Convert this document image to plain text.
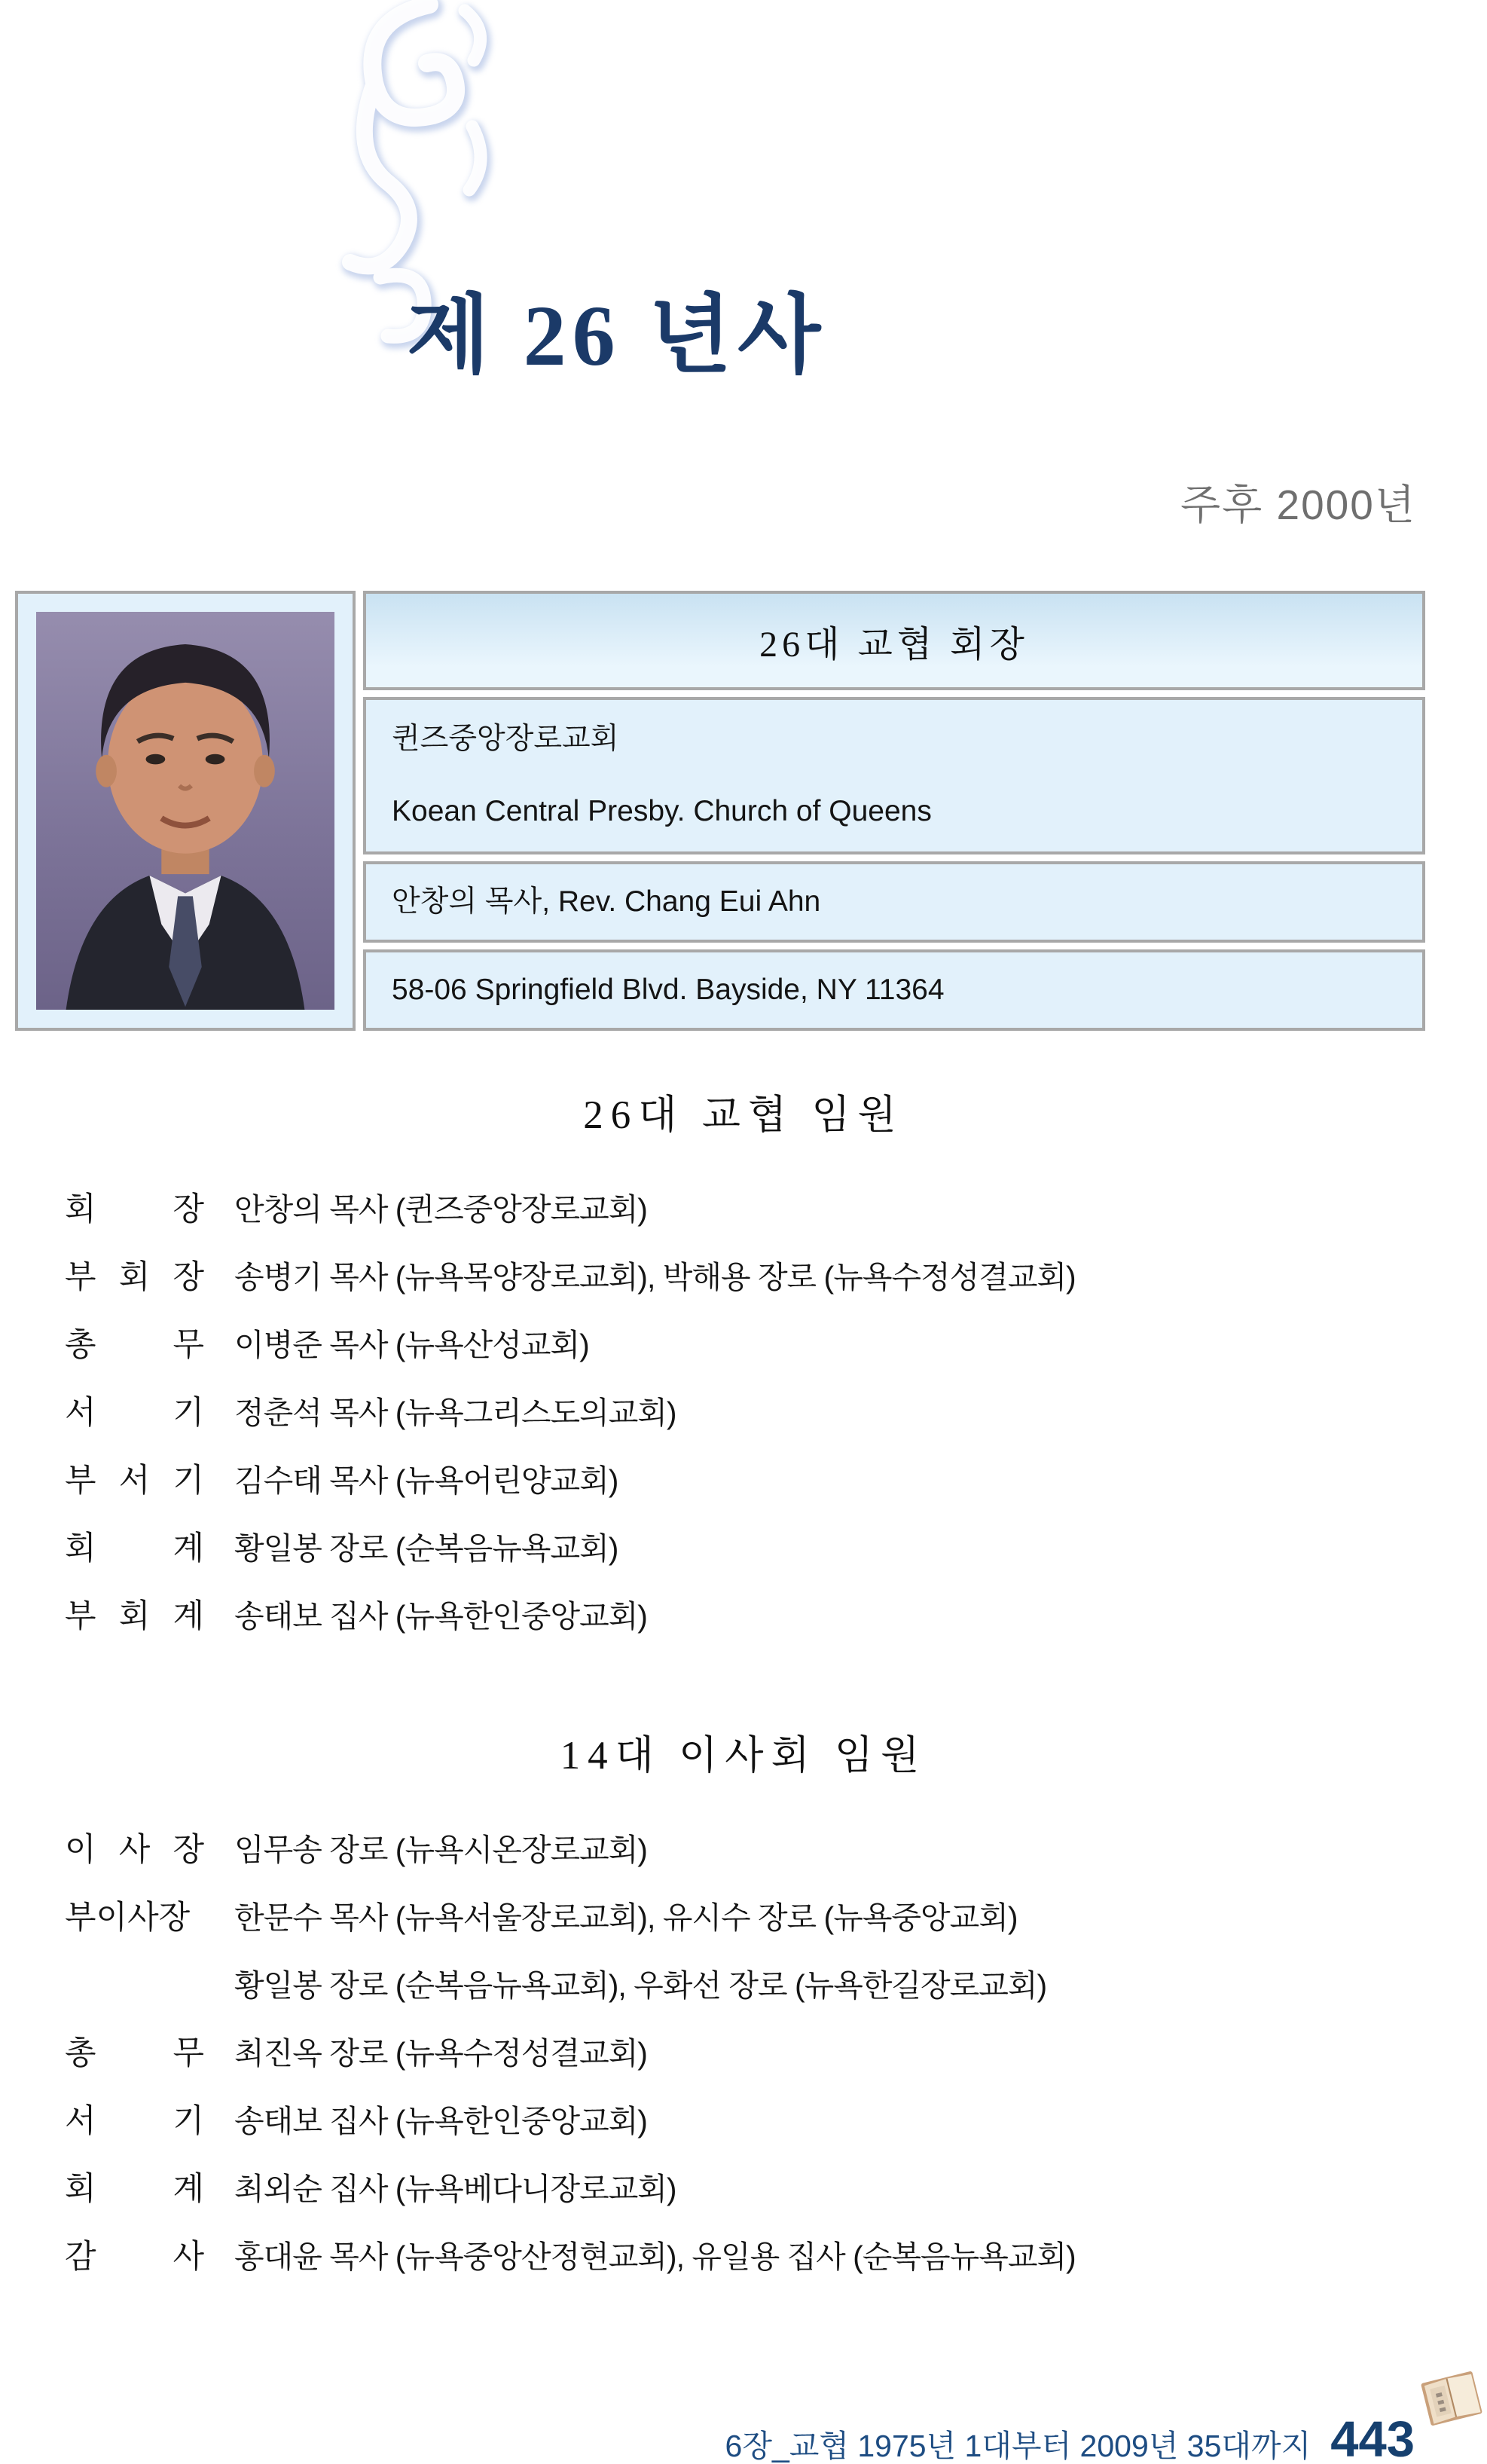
제 26 년사
주후 2000년
26대 교협 회장
퀸즈중앙장로교회
Koean Central Presby. Church of Queens
안창의 목사, Rev. Chang Eui Ahn
58-06 Springfield Blvd. Bayside, NY 11364
26대 교협 임원
회 장 안창의 목사 (퀸즈중앙장로교회)
부 회 장 송병기 목사 (뉴욕목양장로교회), 박해용 장로 (뉴욕수정성결교회)
총 무 이병준 목사 (뉴욕산성교회)
서 기 정춘석 목사 (뉴욕그리스도의교회)
부 서 기 김수태 목사 (뉴욕어린양교회)
회 계 황일봉 장로 (순복음뉴욕교회)
부 회 계 송태보 집사 (뉴욕한인중앙교회)
14대 이사회 임원
이 사 장 임무송 장로 (뉴욕시온장로교회)
부이사장	한문수 목사 (뉴욕서울장로교회), 유시수 장로 (뉴욕중앙교회)
황일봉 장로 (순복음뉴욕교회), 우화선 장로 (뉴욕한길장로교회)
총 무 최진옥 장로 (뉴욕수정성결교회)
서 기 송태보 집사 (뉴욕한인중앙교회)
회 계 최외순 집사 (뉴욕베다니장로교회)
감 사 홍대윤 목사 (뉴욕중앙산정현교회), 유일용 집사 (순복음뉴욕교회)
6장_교협 1975년 1대부터 2009년 35대까지 443
